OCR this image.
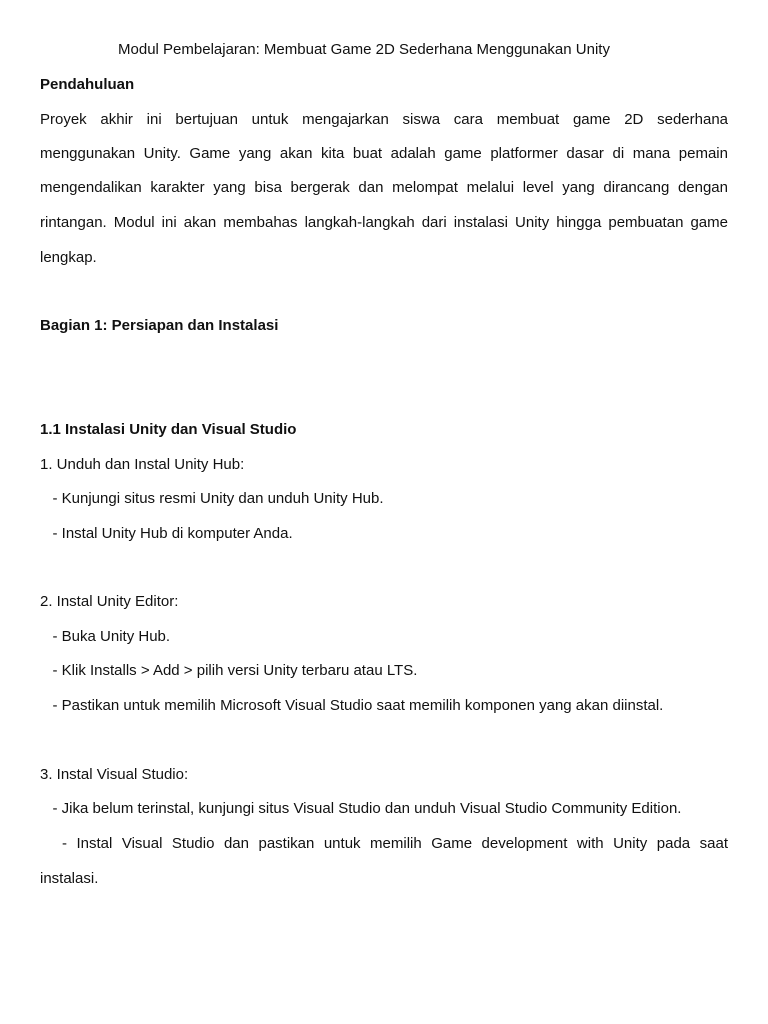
Modul Pembelajaran: Membuat Game 2D Sederhana Menggunakan Unity
Pendahuluan
Proyek akhir ini bertujuan untuk mengajarkan siswa cara membuat game 2D sederhana
menggunakan Unity. Game yang akan kita buat adalah game platformer dasar di mana pemain
mengendalikan karakter yang bisa bergerak dan melompat melalui level yang dirancang dengan
rintangan. Modul ini akan membahas langkah-langkah dari instalasi Unity hingga pembuatan game
lengkap.
Bagian 1: Persiapan dan Instalasi
1.1 Instalasi Unity dan Visual Studio
1. Unduh dan Instal Unity Hub:
- Kunjungi situs resmi Unity dan unduh Unity Hub.
- Instal Unity Hub di komputer Anda.
2. Instal Unity Editor:
- Buka Unity Hub.
- Klik Installs > Add > pilih versi Unity terbaru atau LTS.
- Pastikan untuk memilih Microsoft Visual Studio saat memilih komponen yang akan diinstal.
3. Instal Visual Studio:
- Jika belum terinstal, kunjungi situs Visual Studio dan unduh Visual Studio Community Edition.
- Instal Visual Studio dan pastikan untuk memilih Game development with Unity pada saat
instalasi.
